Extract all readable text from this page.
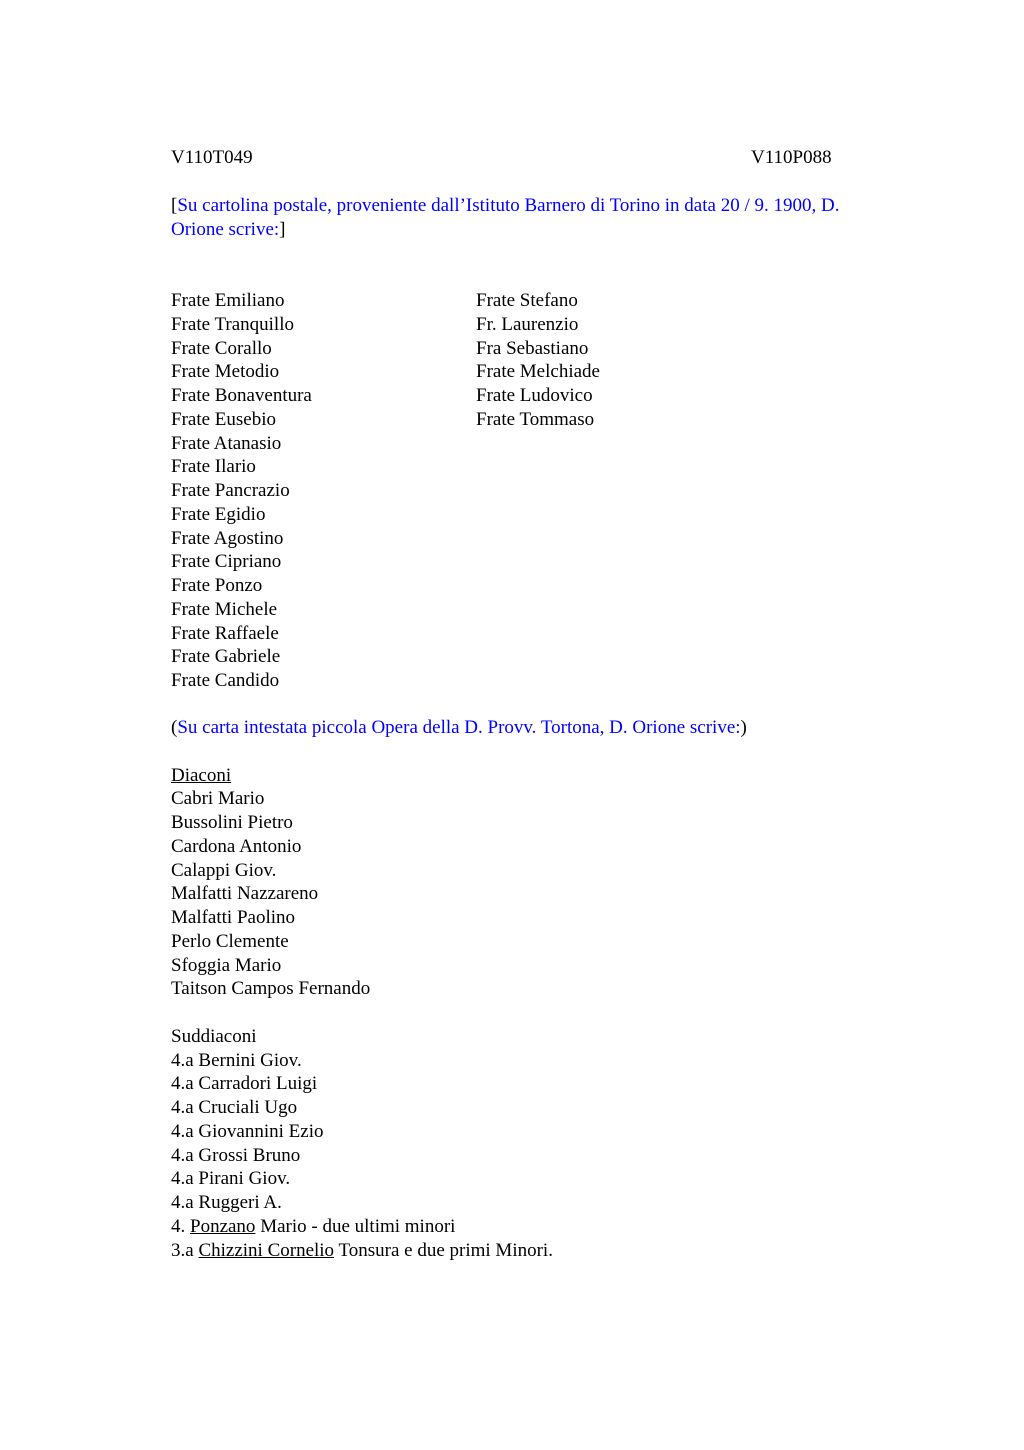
V110T049	V110P088
[Su cartolina postale, proveniente dall’Istituto Barnero di Torino in data 20 / 9. 1900, D.
Orione scrive:]
Frate Emiliano
Frate Tranquillo
Frate Corallo
Frate Metodio
Frate Bonaventura
Frate Eusebio
Frate Atanasio
Frate Ilario
Frate Pancrazio
Frate Egidio
Frate Agostino
Frate Cipriano
Frate Ponzo
Frate Michele
Frate Raffaele
Frate Gabriele
Frate Candido
Frate Stefano
Fr. Laurenzio
Fra Sebastiano
Frate Melchiade
Frate Ludovico
Frate Tommaso
(Su carta intestata piccola Opera della D. Provv. Tortona, D. Orione scrive:)
Diaconi
Cabri Mario
Bussolini Pietro
Cardona Antonio
Calappi Giov.
Malfatti Nazzareno
Malfatti Paolino
Perlo Clemente
Sfoggia Mario
Taitson Campos Fernando
Suddiaconi
4.a Bernini Giov.
4.a Carradori Luigi
4.a Cruciali Ugo
4.a Giovannini Ezio
4.a Grossi Bruno
4.a Pirani Giov.
4.a Ruggeri A.
4. Ponzano Mario - due ultimi minori
3.a Chizzini Cornelio Tonsura e due primi Minori.
